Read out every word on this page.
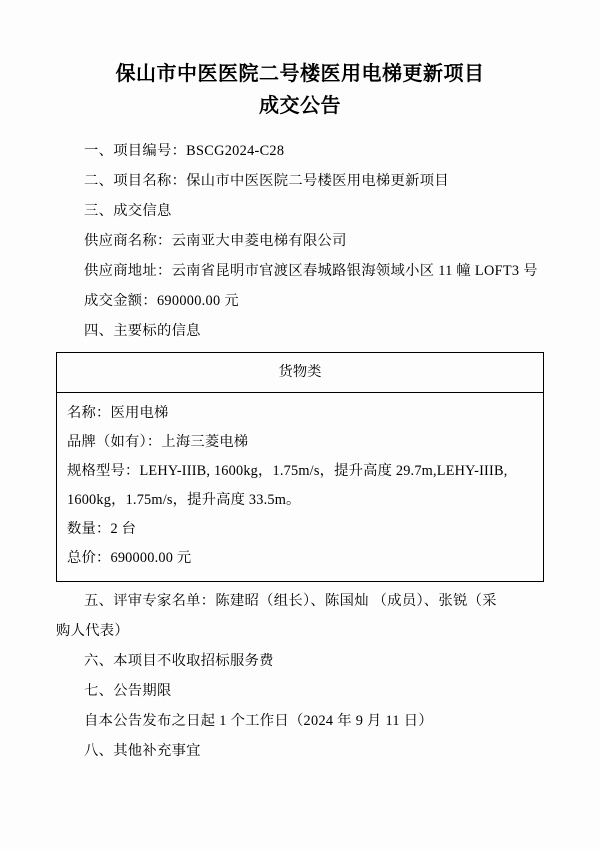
保山市中医医院二号楼医用电梯更新项目
成交公告

一、项目编号：BSCG2024-C28

二、项目名称：保山市中医医院二号楼医用电梯更新项目

三、成交信息

供应商名称：云南亚大申菱电梯有限公司

供应商地址：云南省昆明市官渡区春城路银海领域小区 11 幢 LOFT3 号

成交金额：690000.00 元

四、主要标的信息

货物类

名称：医用电梯
品牌（如有）：上海三菱电梯
规格型号：LEHY-IIIB, 1600kg，1.75m/s，提升高度 29.7m,LEHY-IIIB,
1600kg，1.75m/s，提升高度 33.5m。
数量：2 台
总价：690000.00 元

五、评审专家名单：陈建昭（组长）、陈国灿 （成员）、张锐（采

购人代表）

六、本项目不收取招标服务费

七、公告期限

自本公告发布之日起 1 个工作日（2024 年 9 月 11 日）

八、其他补充事宜
